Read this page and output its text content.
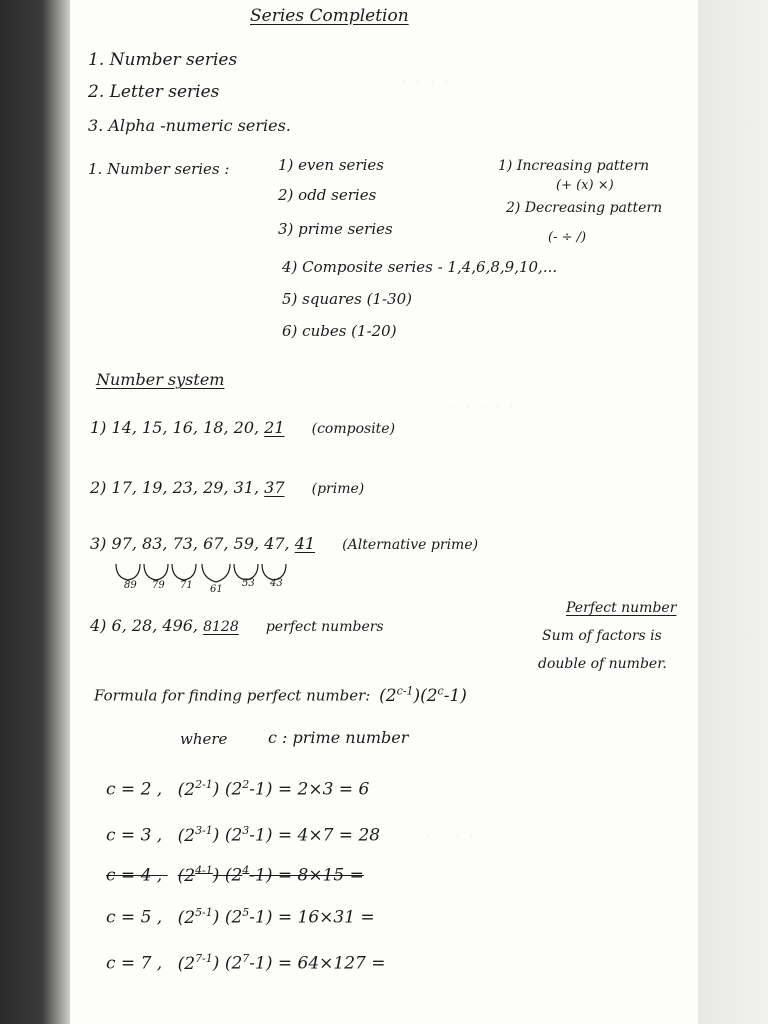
· · · ·
· · · · ·
· · · · ·
Series Completion
1. Number series
2. Letter series
3. Alpha -numeric series.
1. Number series :	1) even series
2) odd series
3) prime series
4) Composite series - 1,4,6,8,9,10,...
5) squares (1-30)
6) cubes (1-20)
1) Increasing pattern
(+ (x) ×)
2) Decreasing pattern
(- ÷ /)
Number system
1) 14, 15, 16, 18, 20, 21 (composite)
2) 17, 19, 23, 29, 31, 37 (prime)
3) 97, 83, 73, 67, 59, 47, 41 (Alternative prime)
89 79 71 61
53 43
4) 6, 28, 496, 8128 perfect numbers
Perfect number
Sum of factors is
double of number.
Formula for finding perfect number: (2$^{c-1}$)(2$^c$-1)
where	c : prime number
c = 2 , (2$^{2-1}$) $(2^2-1) = 2\times 3 = 6$
c = 3 , (2$^{3-1}$) $(2^3-1) = 4\times 7 = 28$
c = 4 , (2$^{4-1}$) $(2^4-1) = 8\times 15$ =
c = 5 , (2$^{5-1}$) $(2^5-1) = 16\times 31$ =
c = 7 , (2$^{7-1}$) $(2^7-1) = 64\times 127$ =
